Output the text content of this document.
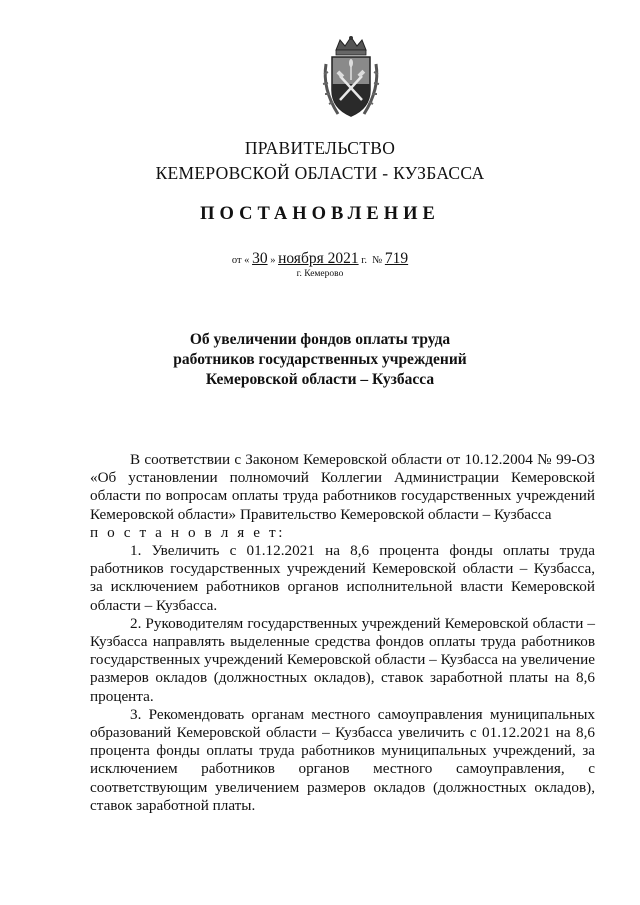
ПРАВИТЕЛЬСТВО
КЕМЕРОВСКОЙ ОБЛАСТИ - КУЗБАССА
ПОСТАНОВЛЕНИЕ
от « 30 » ноября 2021 г. № 719
г. Кемерово
Об увеличении фондов оплаты труда
работников государственных учреждений
Кемеровской области – Кузбасса

В соответствии с Законом Кемеровской области от 10.12.2004 № 99-ОЗ «Об установлении полномочий Коллегии Администрации Кемеровской области по вопросам оплаты труда работников государственных учреждений Кемеровской области» Правительство Кемеровской области – Кузбасса

п о с т а н о в л я е т:

1. Увеличить с 01.12.2021 на 8,6 процента фонды оплаты труда работников государственных учреждений Кемеровской области – Кузбасса, за исключением работников органов исполнительной власти Кемеровской области – Кузбасса.

2. Руководителям государственных учреждений Кемеровской области – Кузбасса направлять выделенные средства фондов оплаты труда работников государственных учреждений Кемеровской области – Кузбасса на увеличение размеров окладов (должностных окладов), ставок заработной платы на 8,6 процента.

3. Рекомендовать органам местного самоуправления муниципальных образований Кемеровской области – Кузбасса увеличить с 01.12.2021 на 8,6 процента фонды оплаты труда работников муниципальных учреждений, за исключением работников органов местного самоуправления, с соответствующим увеличением размеров окладов (должностных окладов), ставок заработной платы.
